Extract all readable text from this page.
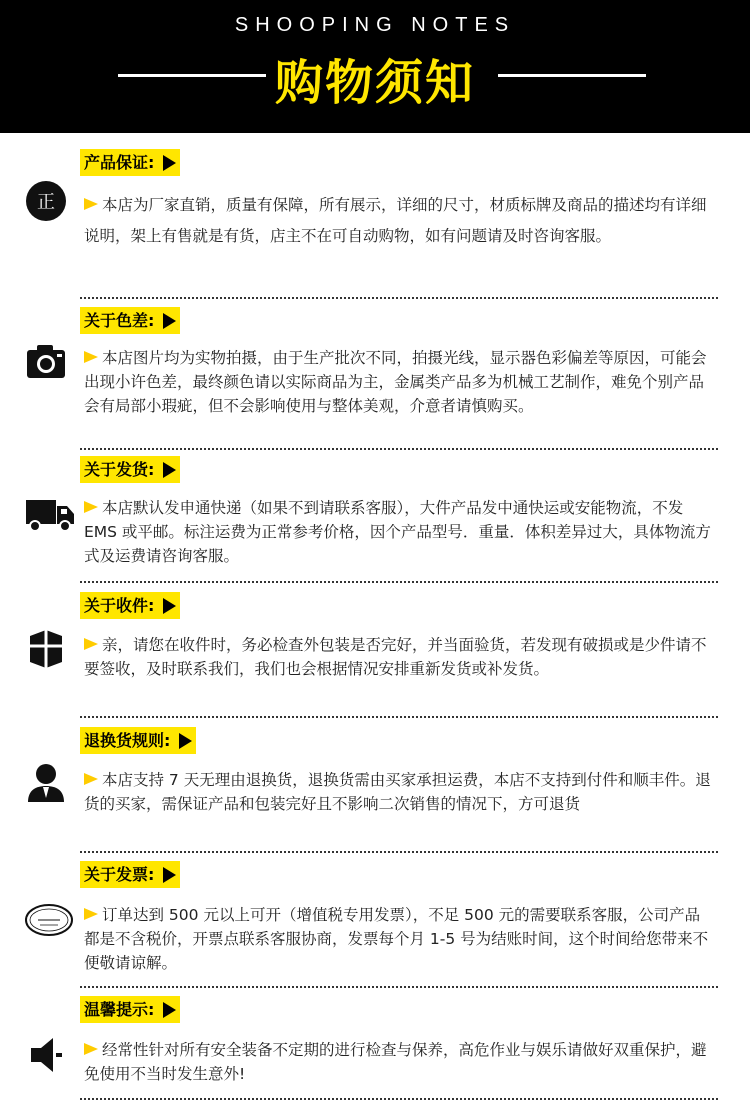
SHOOPING NOTES
购物须知
产品保证:
正	本店为厂家直销，质量有保障，所有展示，详细的尺寸，材质标牌及商品的描述均有详细说明，架上有售就是有货，店主不在可自动购物，如有问题请及时咨询客服。
关于色差:
本店图片均为实物拍摄，由于生产批次不同，拍摄光线，显示器色彩偏差等原因，可能会出现小许色差，最终颜色请以实际商品为主，金属类产品多为机械工艺制作，难免个别产品会有局部小瑕疵，但不会影响使用与整体美观，介意者请慎购买。
关于发货:
本店默认发申通快递（如果不到请联系客服），大件产品发中通快运或安能物流，不发 EMS 或平邮。标注运费为正常参考价格，因个产品型号．重量．体积差异过大，具体物流方式及运费请咨询客服。
关于收件:
亲，请您在收件时，务必检查外包装是否完好，并当面验货，若发现有破损或是少件请不要签收，及时联系我们，我们也会根据情况安排重新发货或补发货。
退换货规则:
本店支持 7 天无理由退换货，退换货需由买家承担运费，本店不支持到付件和顺丰件。退货的买家，需保证产品和包装完好且不影响二次销售的情况下，方可退货
关于发票:
订单达到 500 元以上可开（增值税专用发票），不足 500 元的需要联系客服，公司产品都是不含税价，开票点联系客服协商，发票每个月 1-5 号为结账时间，这个时间给您带来不便敬请谅解。
温馨提示:
经常性针对所有安全装备不定期的进行检查与保养，高危作业与娱乐请做好双重保护，避免使用不当时发生意外!
